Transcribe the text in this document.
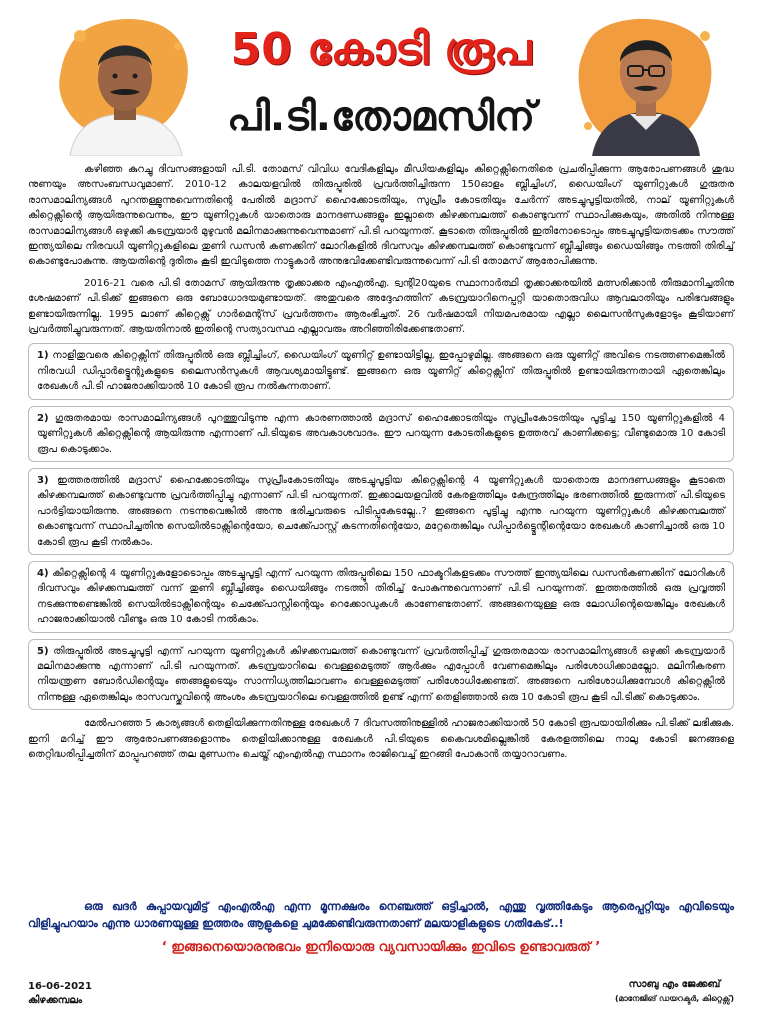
50 കോടി രൂപ
പി.ടി.തോമസിന്

കഴിഞ്ഞ കുറച്ചു ദിവസങ്ങളായി പി.ടി. തോമസ് വിവിധ വേദികളിലും മീഡിയകളിലും കിറ്റെക്സിനെതിരെ പ്രചരിപ്പിക്കുന്ന ആരോപണങ്ങൾ ശുദ്ധ നുണയും അസംബന്ധവുമാണ്. 2010-12 കാലയളവിൽ തിരുപ്പൂരിൽ പ്രവർത്തിച്ചിരുന്ന 150ഓളം ബ്ലീച്ചിംഗ്, ഡൈയിംഗ് യൂണിറ്റുകൾ ഗുരുതര രാസമാലിന്യങ്ങൾ പുറന്തള്ളുന്നുവെന്നതിന്റെ പേരിൽ മദ്രാസ് ഹൈക്കോടതിയും, സുപ്രീം കോടതിയും ചേർന്ന് അടച്ചുപൂട്ടിയതിൽ, നാല് യൂണിറ്റുകൾ കിറ്റെക്സിന്റെ ആയിരുന്നുവെന്നും, ഈ യൂണിറ്റുകൾ യാതൊരു മാനദണ്ഡങ്ങളും ഇല്ലാതെ കിഴക്കമ്പലത്ത് കൊണ്ടുവന്ന് സ്ഥാപിക്കുകയും, അതിൽ നിന്നുള്ള രാസമാലിന്യങ്ങൾ ഒഴുക്കി കടമ്പ്രയാർ മുഴുവൻ മലിനമാക്കുന്നുവെന്നുമാണ് പി.ടി പറയുന്നത്. കൂടാതെ തിരുപ്പൂരിൽ ഇതിനോടൊപ്പം അടച്ചുപൂട്ടിയതടക്കം സൗത്ത് ഇന്ത്യയിലെ നിരവധി യൂണിറ്റുകളിലെ തുണി ഡസൻ കണക്കിന് ലോറികളിൽ ദിവസവും കിഴക്കമ്പലത്ത് കൊണ്ടുവന്ന് ബ്ലീച്ചിങ്ങും ഡൈയിങ്ങും നടത്തി തിരിച്ച് കൊണ്ടുപോകുന്നു. ആയതിന്റെ ദുരിതം കൂടി ഇവിടുത്തെ നാട്ടുകാർ അനുഭവിക്കേണ്ടിവരുന്നുവെന്ന് പി.ടി തോമസ് ആരോപിക്കുന്നു.

2016-21 വരെ പി.ടി തോമസ് ആയിരുന്നു തൃക്കാക്കര എംഎൽഎ. ട്വന്റി20യുടെ സ്ഥാനാർത്ഥി തൃക്കാക്കരയിൽ മത്സരിക്കാൻ തീരുമാനിച്ചതിനു ശേഷമാണ് പി.ടിക്ക് ഇങ്ങനെ ഒരു ബോധോദയമുണ്ടായത്. അതുവരെ അദ്ദേഹത്തിന് കടമ്പ്രയാറിനെപ്പറ്റി യാതൊരുവിധ ആവലാതിയും പരിഭവങ്ങളും ഉണ്ടായിരുന്നില്ല. 1995 ലാണ് കിറ്റെക്സ് ഗാർമെന്റ്സ് പ്രവർത്തനം ആരംഭിച്ചത്. 26 വർഷമായി നിയമപരമായ എല്ലാ ലൈസൻസുകളോടും കൂടിയാണ് പ്രവർത്തിച്ചുവരുന്നത്. ആയതിനാൽ ഇതിന്റെ സത്യാവസ്ഥ എല്ലാവരും അറിഞ്ഞിരിക്കേണ്ടതാണ്.

1) നാളിതുവരെ കിറ്റെക്സിന് തിരുപ്പൂരിൽ ഒരു ബ്ലീച്ചിംഗ്, ഡൈയിംഗ് യൂണിറ്റ് ഉണ്ടായിട്ടില്ല, ഇപ്പോഴുമില്ല. അങ്ങനെ ഒരു യൂണിറ്റ് അവിടെ നടത്തണമെങ്കിൽ നിരവധി ഡിപ്പാർട്ട്മെന്റുകളുടെ ലൈസൻസുകൾ ആവശ്യമായിട്ടുണ്ട്. ഇങ്ങനെ ഒരു യൂണിറ്റ് കിറ്റെക്സിന് തിരുപ്പൂരിൽ ഉണ്ടായിരുന്നതായി ഏതെങ്കിലും രേഖകൾ പി.ടി ഹാജരാക്കിയാൽ 10 കോടി രൂപ നൽകുന്നതാണ്.

2) ഗുരുതരമായ രാസമാലിന്യങ്ങൾ പുറത്തുവിടുന്നു എന്ന കാരണത്താൽ മദ്രാസ് ഹൈക്കോടതിയും സുപ്രീംകോടതിയും പൂട്ടിച്ച 150 യൂണിറ്റുകളിൽ 4 യൂണിറ്റുകൾ കിറ്റെക്സിന്റെ ആയിരുന്നു എന്നാണ് പി.ടിയുടെ അവകാശവാദം. ഈ പറയുന്ന കോടതികളുടെ ഉത്തരവ് കാണിക്കട്ടെ; വീണ്ടുമൊരു 10 കോടി രൂപ കൊടുക്കാം.

3) ഇത്തരത്തിൽ മദ്രാസ് ഹൈക്കോടതിയും സുപ്രീംകോടതിയും അടച്ചുപൂട്ടിയ കിറ്റെക്സിന്റെ 4 യൂണിറ്റുകൾ യാതൊരു മാനദണ്ഡങ്ങളും കൂടാതെ കിഴക്കമ്പലത്ത് കൊണ്ടുവന്നു പ്രവർത്തിപ്പിച്ചു എന്നാണ് പി.ടി പറയുന്നത്. ഇക്കാലയളവിൽ കേരളത്തിലും കേന്ദ്രത്തിലും ഭരണത്തിൽ ഇരുന്നത് പി.ടിയുടെ പാർട്ടിയായിരുന്നു. അങ്ങനെ നടന്നുവെങ്കിൽ അന്നു ഭരിച്ചവരുടെ പിടിപ്പുകേടല്ലേ..? ഇങ്ങനെ പൂട്ടിച്ചു എന്നു പറയുന്ന യൂണിറ്റുകൾ കിഴക്കമ്പലത്ത് കൊണ്ടുവന്ന് സ്ഥാപിച്ചതിനു സെയിൽടാക്സിന്റെയോ, ചെക്ക്പോസ്റ്റ് കടന്നതിന്റെയോ, മറ്റേതെങ്കിലും ഡിപ്പാർട്ട്മെന്റിന്റെയോ രേഖകൾ കാണിച്ചാൽ ഒരു 10 കോടി രൂപ കൂടി നൽകാം.

4) കിറ്റെക്സിന്റെ 4 യൂണിറ്റുകളോടൊപ്പം അടച്ചുപൂട്ടി എന്ന് പറയുന്ന തിരുപ്പൂരിലെ 150 ഫാക്ടറികളടക്കം സൗത്ത് ഇന്ത്യയിലെ ഡസൻകണക്കിന് ലോറികൾ ദിവസവും കിഴക്കമ്പലത്ത് വന്ന് തുണി ബ്ലീച്ചിങ്ങും ഡൈയിങ്ങും നടത്തി തിരിച്ച് പോകുന്നുവെന്നാണ് പി.ടി പറയുന്നത്. ഇത്തരത്തിൽ ഒരു പ്രവൃത്തി നടക്കുന്നുണ്ടെങ്കിൽ സെയിൽടാക്സിന്റെയും ചെക്ക്പോസ്റ്റിന്റെയും റെക്കോഡുകൾ കാണേണ്ടതാണ്. അങ്ങനെയുള്ള ഒരു ലോഡിന്റെയെങ്കിലും രേഖകൾ ഹാജരാക്കിയാൽ വീണ്ടും ഒരു 10 കോടി നൽകാം.

5) തിരുപ്പൂരിൽ അടച്ചുപൂട്ടി എന്ന് പറയുന്ന യൂണിറ്റുകൾ കിഴക്കമ്പലത്ത് കൊണ്ടുവന്ന് പ്രവർത്തിപ്പിച്ച് ഗുരുതരമായ രാസമാലിന്യങ്ങൾ ഒഴുക്കി കടമ്പ്രയാർ മലിനമാക്കുന്നു എന്നാണ് പി.ടി പറയുന്നത്. കടമ്പ്രയാറിലെ വെള്ളമെടുത്ത് ആർക്കും എപ്പോൾ വേണമെങ്കിലും പരിശോധിക്കാമല്ലോ. മലിനീകരണ നിയന്ത്രണ ബോർഡിന്റെയും ഞങ്ങളുടെയും സാന്നിധ്യത്തിലാവണം വെള്ളമെടുത്ത് പരിശോധിക്കേണ്ടത്. അങ്ങനെ പരിശോധിക്കുമ്പോൾ കിറ്റെക്സിൽ നിന്നുള്ള ഏതെങ്കിലും രാസവസ്തുവിന്റെ അംശം കടമ്പ്രയാറിലെ വെള്ളത്തിൽ ഉണ്ട് എന്ന് തെളിഞ്ഞാൽ ഒരു 10 കോടി രൂപ കൂടി പി.ടിക്ക് കൊടുക്കാം.

മേൽപറഞ്ഞ 5 കാര്യങ്ങൾ തെളിയിക്കുന്നതിനുള്ള രേഖകൾ 7 ദിവസത്തിനുള്ളിൽ ഹാജരാക്കിയാൽ 50 കോടി രൂപയായിരിക്കും പി.ടിക്ക് ലഭിക്കുക. ഇനി മറിച്ച് ഈ ആരോപണങ്ങളൊന്നും തെളിയിക്കാനുള്ള രേഖകൾ പി.ടിയുടെ കൈവശമില്ലെങ്കിൽ കേരളത്തിലെ നാലു കോടി ജനങ്ങളെ തെറ്റിദ്ധരിപ്പിച്ചതിന് മാപ്പുപറഞ്ഞ് തല മുണ്ഡനം ചെയ്ത് എംഎൽഎ സ്ഥാനം രാജിവെച്ച് ഇറങ്ങി പോകാൻ തയ്യാറാവണം.

ഒരു ഖദർ കുപ്പായവുമിട്ട് എംഎൽഎ എന്ന മൂന്നക്ഷരം നെഞ്ചത്ത് ഒട്ടിച്ചാൽ, എന്തു വൃത്തികേടും ആരെപ്പറ്റിയും എവിടെയും വിളിച്ചുപറയാം എന്നു ധാരണയുള്ള ഇത്തരം ആളുകളെ ചുമക്കേണ്ടിവരുന്നതാണ് മലയാളികളുടെ ഗതികേട്..!
‘ ഇങ്ങനെയൊരനുഭവം ഇനിയൊരു വ്യവസായിക്കും ഇവിടെ ഉണ്ടാവരുത് ’
16-06-2021
കിഴക്കമ്പലം
സാബു എം ജേക്കബ്
(മാനേജിങ് ഡയറക്ടർ, കിറ്റെക്സ്)
